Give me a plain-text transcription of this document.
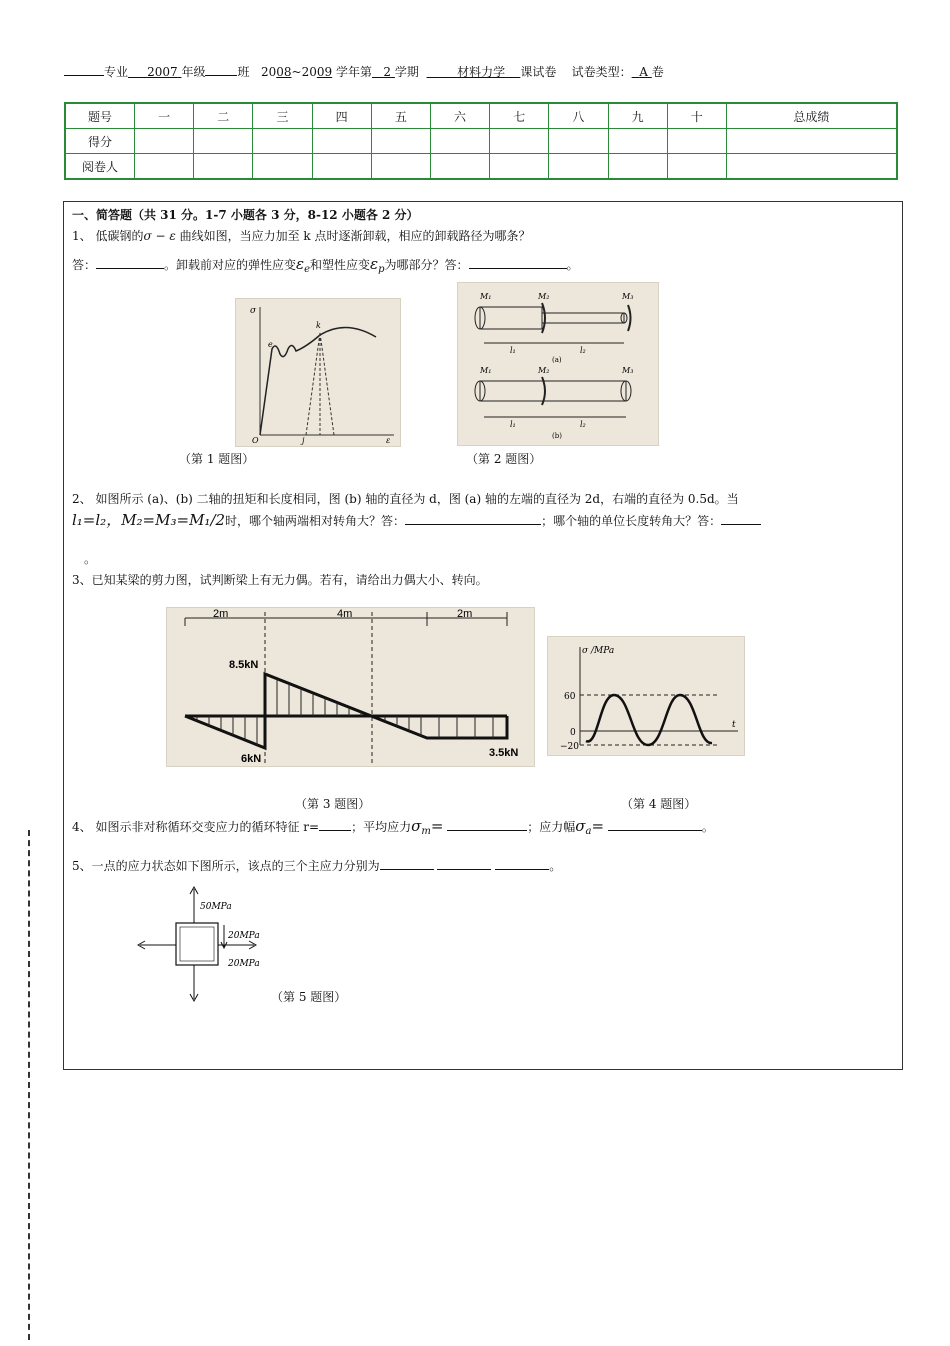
专业 2007 年级	班 2008~2009 学年第 2 学期	材料力学 课试卷 试卷类型： A 卷
题号	一	二	三	四	五	六	七	八	九	十	总成绩
得分											
阅卷人											
一、简答题（共 31 分。1-7 小题各 3 分，8-12 小题各 2 分）
1、 低碳钢的σ − ε 曲线如图，当应力加至 k 点时逐渐卸载，相应的卸载路径为哪条？
答：	。卸载前对应的弹性应变$\varepsilon_e$和塑性应变$\varepsilon_p$为哪部分？答：	。
σ
k
e
O	j	ε
M₁	M₂	M₃
l₁	l₂
(a)
M₁	M₂	M₃
l₁	l₂
(b)
（第 1 题图）	（第 2 题图）
2、 如图所示 (a)、(b) 二轴的扭矩和长度相同，图 (b) 轴的直径为 d，图 (a) 轴的左端的直径为 2d，右端的直径为 0.5d。当
l₁=l₂，M₂=M₃=M₁/2时，哪个轴两端相对转角大？答：	；哪个轴的单位长度转角大？答：
。
3、已知某梁的剪力图，试判断梁上有无力偶。若有，请给出力偶大小、转向。
2m	4m	2m
8.5kN
6kN	3.5kN
σ /MPa
60
0
−20
t
（第 3 题图）	（第 4 题图）
4、 如图示非对称循环交变应力的循环特征 r=	；平均应力$\sigma_m=$	；应力幅$\sigma_a=$	。
5、一点的应力状态如下图所示，该点的三个主应力分别为	。
50MPa
20MPa
20MPa
（第 5 题图）
